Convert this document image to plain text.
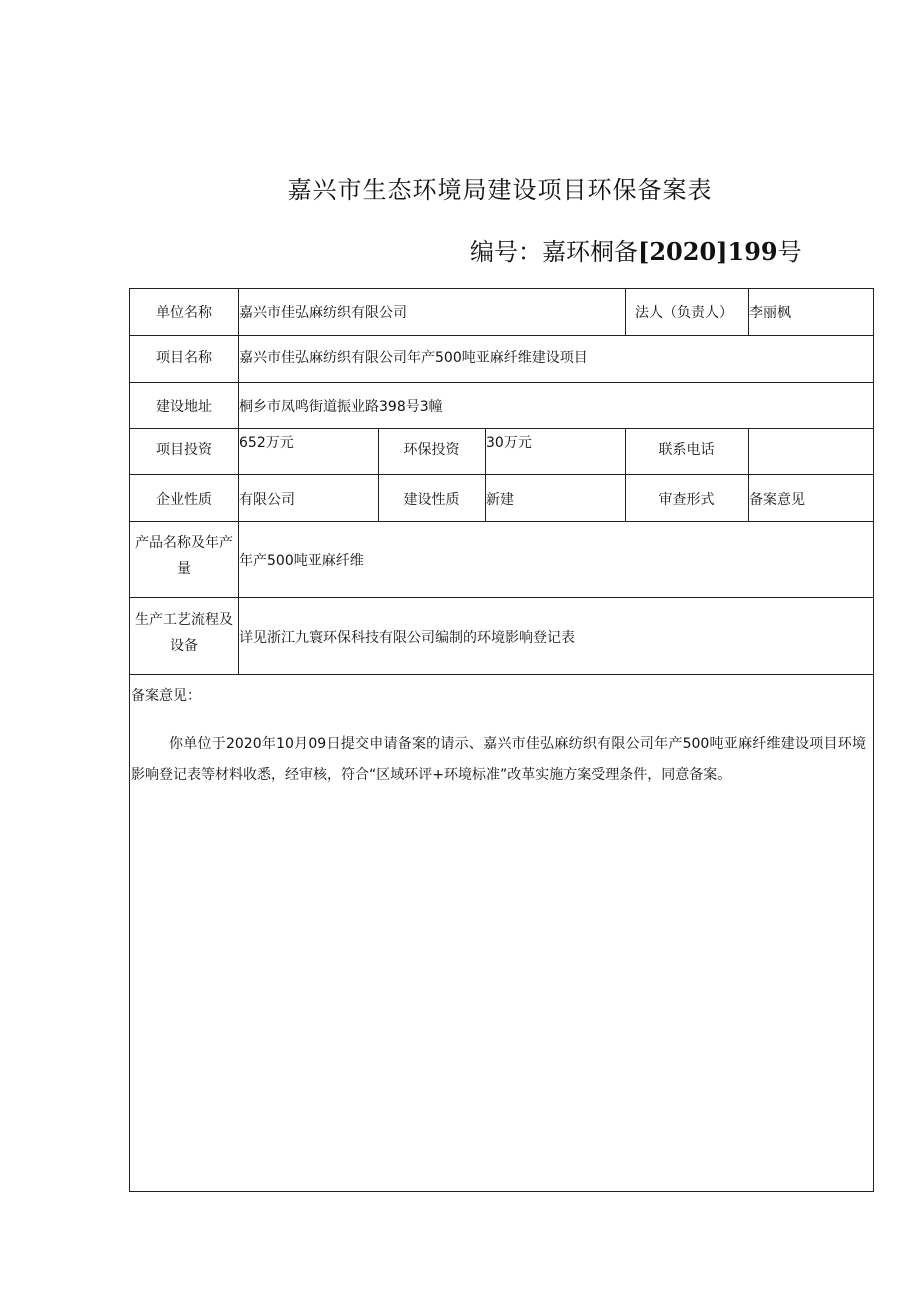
嘉兴市生态环境局建设项目环保备案表
编号：嘉环桐备[2020]199号
单位名称	嘉兴市佳弘麻纺织有限公司	法人（负责人） 李丽枫
项目名称	嘉兴市佳弘麻纺织有限公司年产500吨亚麻纤维建设项目
建设地址	桐乡市凤鸣街道振业路398号3幢
项目投资	652万元	环保投资	30万元	联系电话
企业性质	有限公司	建设性质	新建	审查形式	备案意见
产品名称及年产量	年产500吨亚麻纤维
生产工艺流程及设备	详见浙江九寰环保科技有限公司编制的环境影响登记表
备案意见：
你单位于2020年10月09日提交申请备案的请示、嘉兴市佳弘麻纺织有限公司年产500吨亚麻纤维建设项目环境影响登记表等材料收悉，经审核，符合“区域环评+环境标准”改革实施方案受理条件，同意备案。
